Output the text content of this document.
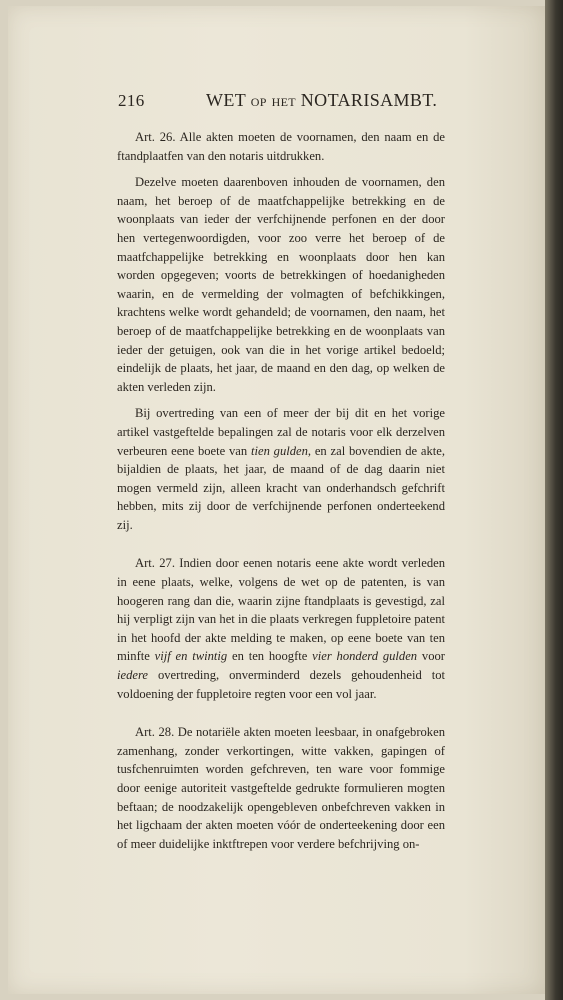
216	WET OP HET NOTARISAMBT.

Art. 26. Alle akten moeten de voornamen, den naam en de ftandplaatfen van den notaris uitdrukken.

Dezelve moeten daarenboven inhouden de voornamen, den naam, het beroep of de maatfchappelijke betrekking en de woonplaats van ieder der verfchijnende perfonen en der door hen vertegenwoordigden, voor zoo verre het beroep of de maatfchappelijke betrekking en woonplaats door hen kan worden opgegeven; voorts de betrekkingen of hoedanigheden waarin, en de vermelding der volmagten of befchikkingen, krachtens welke wordt gehandeld; de voornamen, den naam, het beroep of de maatfchappelijke betrekking en de woonplaats van ieder der getuigen, ook van die in het vorige artikel bedoeld; eindelijk de plaats, het jaar, de maand en den dag, op welken de akten verleden zijn.

Bij overtreding van een of meer der bij dit en het vorige artikel vastgeftelde bepalingen zal de notaris voor elk derzelven verbeuren eene boete van tien gulden, en zal bovendien de akte, bijaldien de plaats, het jaar, de maand of de dag daarin niet mogen vermeld zijn, alleen kracht van onderhandsch gefchrift hebben, mits zij door de verfchijnende perfonen onderteekend zij.

Art. 27. Indien door eenen notaris eene akte wordt verleden in eene plaats, welke, volgens de wet op de patenten, is van hoogeren rang dan die, waarin zijne ftandplaats is gevestigd, zal hij verpligt zijn van het in die plaats verkregen fuppletoire patent in het hoofd der akte melding te maken, op eene boete van ten minfte vijf en twintig en ten hoogfte vier honderd gulden voor iedere overtreding, onverminderd dezels gehoudenheid tot voldoening der fuppletoire regten voor een vol jaar.

Art. 28. De notariële akten moeten leesbaar, in onafgebroken zamenhang, zonder verkortingen, witte vakken, gapingen of tusfchenruimten worden gefchreven, ten ware voor fommige door eenige autoriteit vastgeftelde gedrukte formulieren mogten beftaan; de noodzakelijk opengebleven onbefchreven vakken in het ligchaam der akten moeten vóór de onderteekening door een of meer duidelijke inktftrepen voor verdere befchrijving on-
